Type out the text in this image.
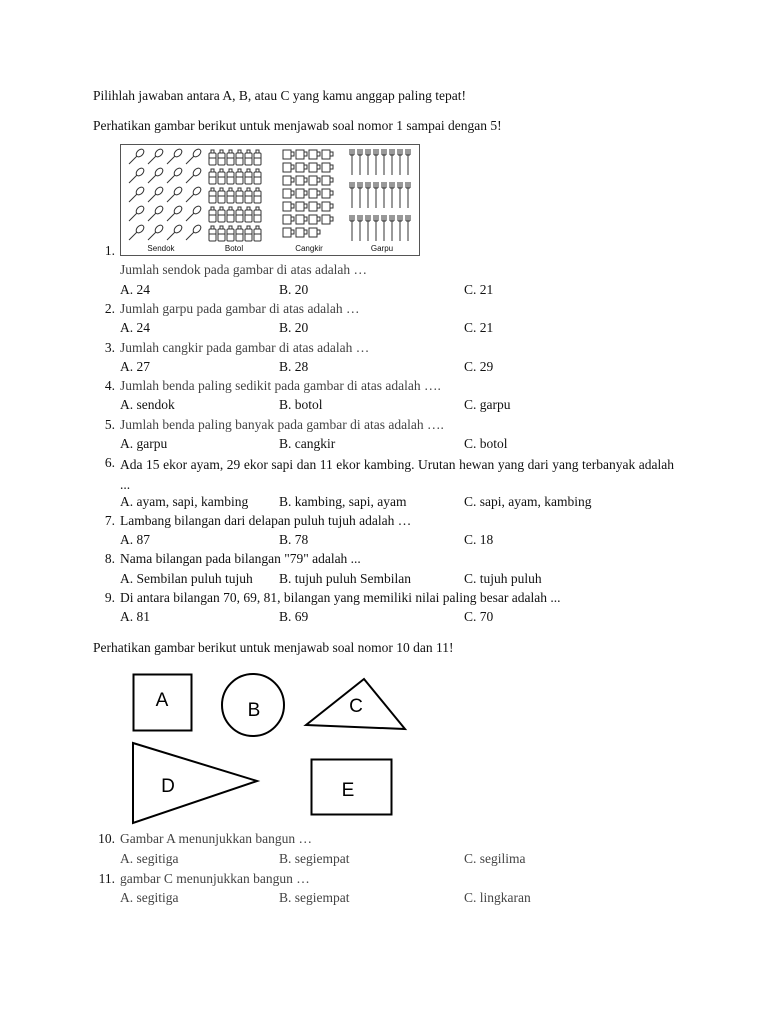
Pilihlah jawaban antara A, B, atau C yang kamu anggap paling tepat!
Perhatikan gambar berikut untuk menjawab soal nomor 1 sampai dengan 5!
Sendok	Botol	Cangkir	Garpu
1.
Jumlah sendok pada gambar di atas adalah …
A. 24	B. 20	C. 21
2. Jumlah garpu pada gambar di atas adalah …
A. 24	B. 20	C. 21
3. Jumlah cangkir pada gambar di atas adalah …
A. 27	B. 28	C. 29
4. Jumlah benda paling sedikit pada gambar di atas adalah ….
A. sendok	B. botol	C. garpu
5. Jumlah benda paling banyak pada gambar di atas adalah ….
A. garpu	B. cangkir	C. botol
6. Ada 15 ekor ayam, 29 ekor sapi dan 11 ekor kambing. Urutan hewan yang dari yang terbanyak adalah ...
A. ayam, sapi, kambing B. kambing, sapi, ayam	C. sapi, ayam, kambing
7. Lambang bilangan dari delapan puluh tujuh adalah …
A. 87	B. 78	C. 18
8. Nama bilangan pada bilangan "79" adalah ...
A. Sembilan puluh tujuh B. tujuh puluh Sembilan	C. tujuh puluh
9. Di antara bilangan 70, 69, 81, bilangan yang memiliki nilai paling besar adalah ...
A. 81	B. 69	C. 70
Perhatikan gambar berikut untuk menjawab soal nomor 10 dan 11!
A	B	C
D	E
10. Gambar A menunjukkan bangun …
A. segitiga	B. segiempat	C. segilima
11. gambar C menunjukkan bangun …
A. segitiga	B. segiempat	C. lingkaran
